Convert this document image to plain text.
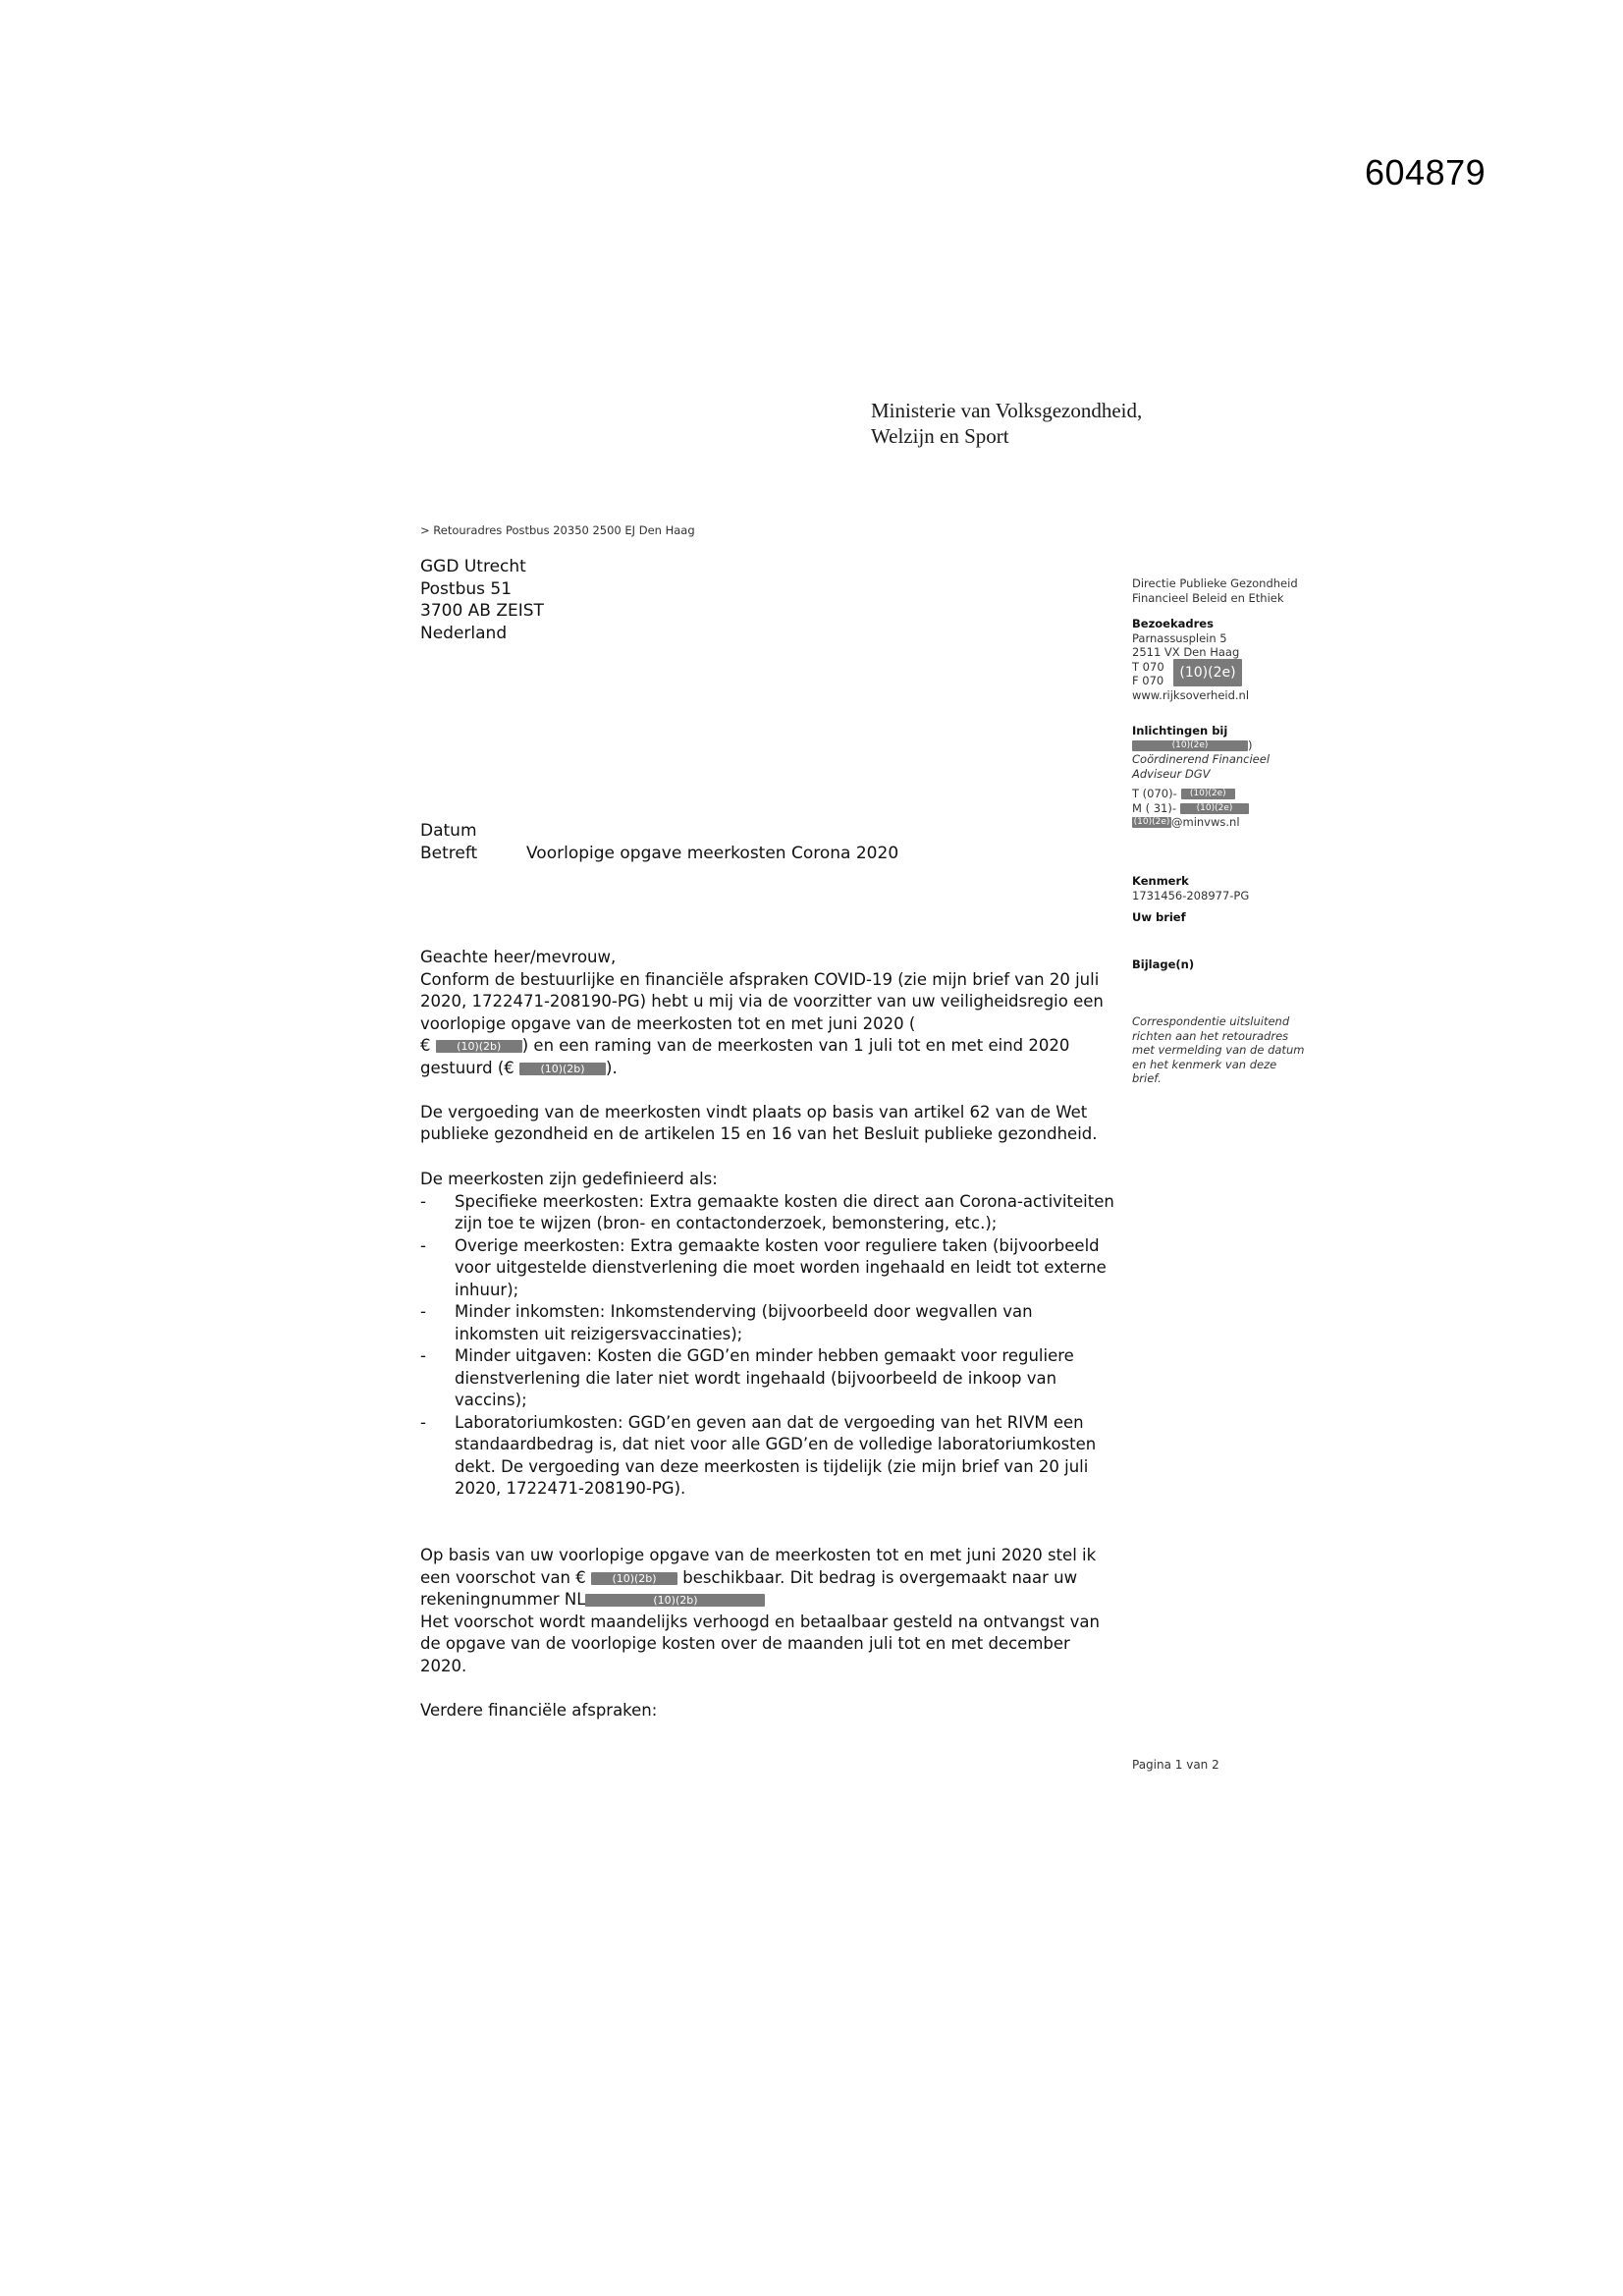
604879
Ministerie van Volksgezondheid,
Welzijn en Sport
> Retouradres Postbus 20350 2500 EJ Den Haag
GGD Utrecht
Postbus 51
3700 AB ZEIST
Nederland
Directie Publieke Gezondheid
Financieel Beleid en Ethiek
Bezoekadres
Parnassusplein 5
2511 VX Den Haag
T 070
F 070
(10)(2e)
www.rijksoverheid.nl
Inlichtingen bij
(10)(2e)	)
Coördinerend Financieel
Adviseur DGV
T (070)- (10)(2e)
M ( 31)- (10)(2e)
(10)(2e) @minvws.nl
Kenmerk
1731456-208977-PG
Uw brief
Bijlage(n)
Correspondentie uitsluitend
richten aan het retouradres
met vermelding van de datum
en het kenmerk van deze
brief.
Datum
Betreft	Voorlopige opgave meerkosten Corona 2020

Geachte heer/mevrouw,

Conform de bestuurlijke en financiële afspraken COVID-19 (zie mijn brief van 20 juli 2020, 1722471-208190-PG) hebt u mij via de voorzitter van uw veiligheidsregio een voorlopige opgave van de meerkosten tot en met juni 2020 (
€ (10)(2b) ) en een raming van de meerkosten van 1 juli tot en met eind 2020 gestuurd (€ (10)(2b) ).

De vergoeding van de meerkosten vindt plaats op basis van artikel 62 van de Wet publieke gezondheid en de artikelen 15 en 16 van het Besluit publieke gezondheid.

De meerkosten zijn gedefinieerd als:

- Specifieke meerkosten: Extra gemaakte kosten die direct aan Corona-activiteiten zijn toe te wijzen (bron- en contactonderzoek, bemonstering, etc.);
- Overige meerkosten: Extra gemaakte kosten voor reguliere taken (bijvoorbeeld voor uitgestelde dienstverlening die moet worden ingehaald en leidt tot externe inhuur);
- Minder inkomsten: Inkomstenderving (bijvoorbeeld door wegvallen van inkomsten uit reizigersvaccinaties);
- Minder uitgaven: Kosten die GGD’en minder hebben gemaakt voor reguliere dienstverlening die later niet wordt ingehaald (bijvoorbeeld de inkoop van vaccins);
- Laboratoriumkosten: GGD’en geven aan dat de vergoeding van het RIVM een standaardbedrag is, dat niet voor alle GGD’en de volledige laboratoriumkosten dekt. De vergoeding van deze meerkosten is tijdelijk (zie mijn brief van 20 juli 2020, 1722471-208190-PG).

Op basis van uw voorlopige opgave van de meerkosten tot en met juni 2020 stel ik een voorschot van € (10)(2b) beschikbaar. Dit bedrag is overgemaakt naar uw rekeningnummer NL	(10)(2b)

Het voorschot wordt maandelijks verhoogd en betaalbaar gesteld na ontvangst van de opgave van de voorlopige kosten over de maanden juli tot en met december 2020.

Verdere financiële afspraken:

Pagina 1 van 2
